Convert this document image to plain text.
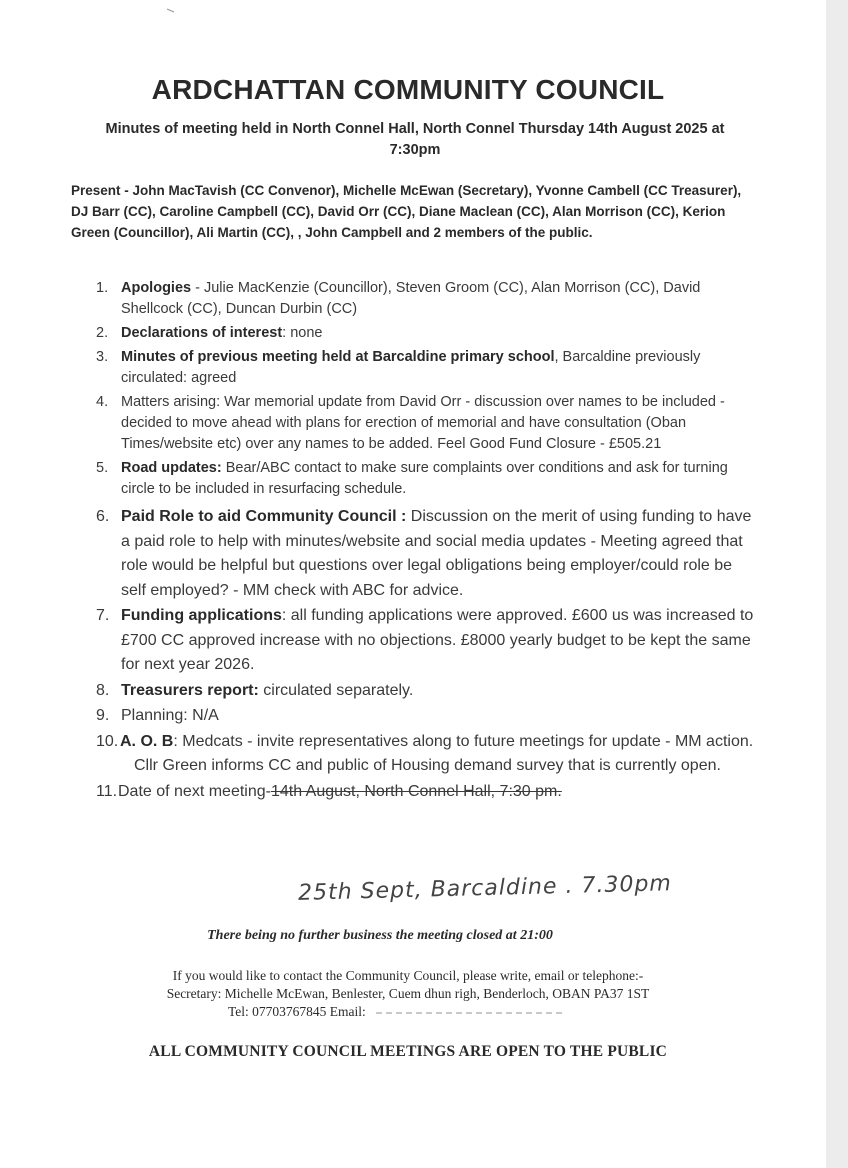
ARDCHATTAN COMMUNITY COUNCIL
Minutes of meeting held in North Connel Hall, North Connel Thursday 14th August 2025 at
7:30pm
Present - John MacTavish (CC Convenor), Michelle McEwan (Secretary), Yvonne Cambell (CC Treasurer), DJ Barr (CC), Caroline Campbell (CC), David Orr (CC), Diane Maclean (CC), Alan Morrison (CC), Kerion Green (Councillor), Ali Martin (CC), , John Campbell and 2 members of the public.
1. Apologies - Julie MacKenzie (Councillor), Steven Groom (CC), Alan Morrison (CC), David Shellcock (CC), Duncan Durbin (CC)
2. Declarations of interest: none
3. Minutes of previous meeting held at Barcaldine primary school, Barcaldine previously circulated: agreed
4. Matters arising: War memorial update from David Orr - discussion over names to be included - decided to move ahead with plans for erection of memorial and have consultation (Oban Times/website etc) over any names to be added. Feel Good Fund Closure - £505.21
5. Road updates: Bear/ABC contact to make sure complaints over conditions and ask for turning circle to be included in resurfacing schedule.
6. Paid Role to aid Community Council : Discussion on the merit of using funding to have a paid role to help with minutes/website and social media updates - Meeting agreed that role would be helpful but questions over legal obligations being employer/could role be self employed? - MM check with ABC for advice.
7. Funding applications: all funding applications were approved. £600 us was increased to £700 CC approved increase with no objections. £8000 yearly budget to be kept the same for next year 2026.
8. Treasurers report: circulated separately.
9. Planning: N/A
10. A. O. B: Medcats - invite representatives along to future meetings for update - MM action. Cllr Green informs CC and public of Housing demand survey that is currently open.
11. Date of next meeting-14th August, North Connel Hall, 7:30 pm.
25th Sept, Barcaldine . 7.30pm
There being no further business the meeting closed at 21:00
If you would like to contact the Community Council, please write, email or telephone:-
Secretary: Michelle McEwan, Benlester, Cuem dhun righ, Benderloch, OBAN PA37 1ST
Tel: 07703767845 Email:
ALL COMMUNITY COUNCIL MEETINGS ARE OPEN TO THE PUBLIC
